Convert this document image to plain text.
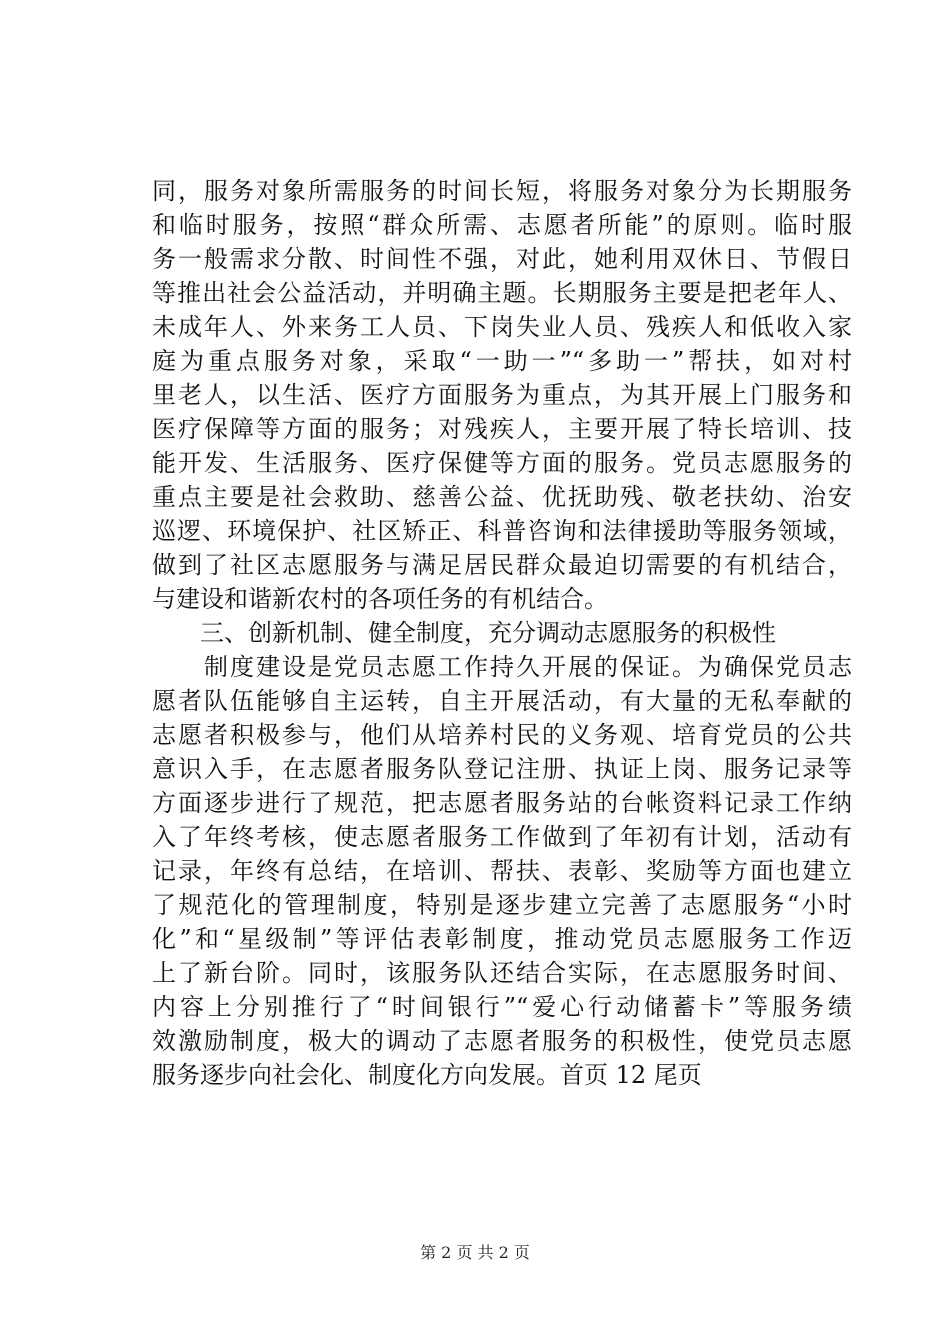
同，服务对象所需服务的时间长短，将服务对象分为长期服务
和临时服务，按照“群众所需、志愿者所能”的原则。临时服
务一般需求分散、时间性不强，对此，她利用双休日、节假日
等推出社会公益活动，并明确主题。长期服务主要是把老年人、
未成年人、外来务工人员、下岗失业人员、残疾人和低收入家
庭为重点服务对象，采取“一助一”“多助一”帮扶，如对村
里老人，以生活、医疗方面服务为重点，为其开展上门服务和
医疗保障等方面的服务；对残疾人，主要开展了特长培训、技
能开发、生活服务、医疗保健等方面的服务。党员志愿服务的
重点主要是社会救助、慈善公益、优抚助残、敬老扶幼、治安
巡逻、环境保护、社区矫正、科普咨询和法律援助等服务领域，
做到了社区志愿服务与满足居民群众最迫切需要的有机结合，
与建设和谐新农村的各项任务的有机结合。
　　三、创新机制、健全制度，充分调动志愿服务的积极性
　　制度建设是党员志愿工作持久开展的保证。为确保党员志
愿者队伍能够自主运转，自主开展活动，有大量的无私奉献的
志愿者积极参与，他们从培养村民的义务观、培育党员的公共
意识入手，在志愿者服务队登记注册、执证上岗、服务记录等
方面逐步进行了规范，把志愿者服务站的台帐资料记录工作纳
入了年终考核，使志愿者服务工作做到了年初有计划，活动有
记录，年终有总结，在培训、帮扶、表彰、奖励等方面也建立
了规范化的管理制度，特别是逐步建立完善了志愿服务“小时
化”和“星级制”等评估表彰制度，推动党员志愿服务工作迈
上了新台阶。同时，该服务队还结合实际，在志愿服务时间、
内容上分别推行了“时间银行”“爱心行动储蓄卡”等服务绩
效激励制度，极大的调动了志愿者服务的积极性，使党员志愿
服务逐步向社会化、制度化方向发展。首页 12 尾页
第 2 页 共 2 页
